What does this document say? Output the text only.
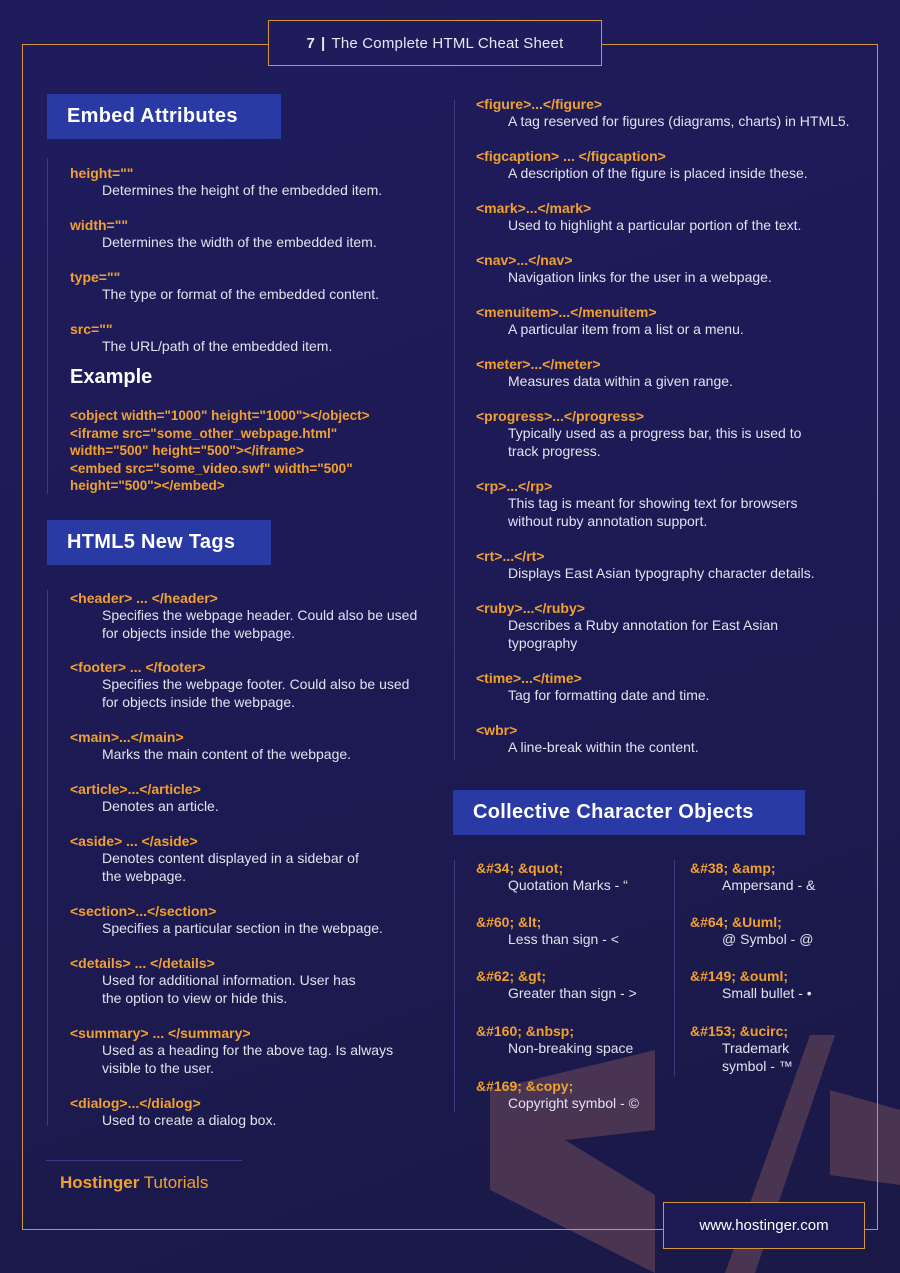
7 | The Complete HTML Cheat Sheet
Embed Attributes
height=""
Determines the height of the embedded item.
width=""
Determines the width of the embedded item.
type=""
The type or format of the embedded content.
src=""
The URL/path of the embedded item.
Example
<object width="1000" height="1000"></object>
<iframe src="some_other_webpage.html"
width="500" height="500"></iframe>
<embed src="some_video.swf" width="500"
height="500"></embed>
HTML5 New Tags
<header> ... </header>
Specifies the webpage header. Could also be used
for objects inside the webpage.
<footer> ... </footer>
Specifies the webpage footer. Could also be used
for objects inside the webpage.
<main>...</main>
Marks the main content of the webpage.
<article>...</article>
Denotes an article.
<aside> ... </aside>
Denotes content displayed in a sidebar of
the webpage.
<section>...</section>
Specifies a particular section in the webpage.
<details> ... </details>
Used for additional information. User has
the option to view or hide this.
<summary> ... </summary>
Used as a heading for the above tag. Is always
visible to the user.
<dialog>...</dialog>
Used to create a dialog box.
<figure>...</figure>
A tag reserved for figures (diagrams, charts) in HTML5.
<figcaption> ... </figcaption>
A description of the figure is placed inside these.
<mark>...</mark>
Used to highlight a particular portion of the text.
<nav>...</nav>
Navigation links for the user in a webpage.
<menuitem>...</menuitem>
A particular item from a list or a menu.
<meter>...</meter>
Measures data within a given range.
<progress>...</progress>
Typically used as a progress bar, this is used to
track progress.
<rp>...</rp>
This tag is meant for showing text for browsers
without ruby annotation support.
<rt>...</rt>
Displays East Asian typography character details.
<ruby>...</ruby>
Describes a Ruby annotation for East Asian
typography
<time>...</time>
Tag for formatting date and time.
<wbr>
A line-break within the content.
Collective Character Objects
&#34; &quot;
Quotation Marks - “
&#60; &lt;
Less than sign - <
&#62; &gt;
Greater than sign - >
&#160; &nbsp;
Non-breaking space
&#169; &copy;
Copyright symbol - ©
&#38; &amp;
Ampersand - &
&#64; &Uuml;
@ Symbol - @
&#149; &ouml;
Small bullet - •
&#153; &ucirc;
Trademark
symbol - ™
Hostinger Tutorials
www.hostinger.com
